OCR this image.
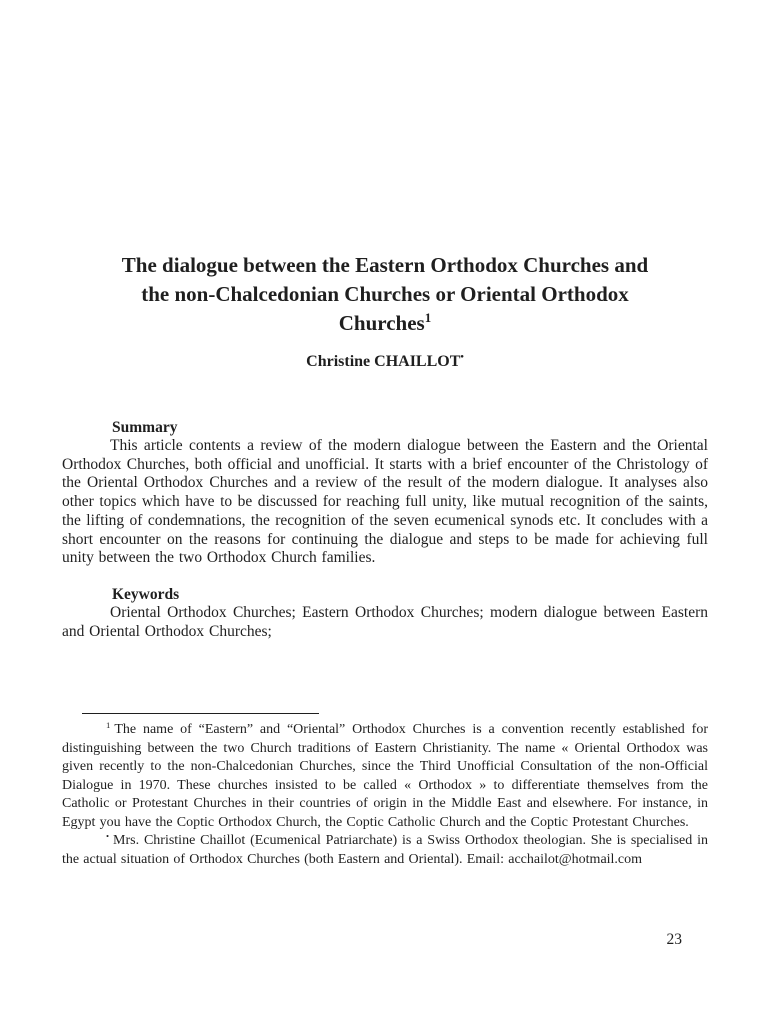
The dialogue between the Eastern Orthodox Churches and
the non-Chalcedonian Churches or Oriental Orthodox
Churches$^1$
Christine CHAILLOT•
Summary

This article contents a review of the modern dialogue between the Eastern and the Oriental Orthodox Churches, both official and unofficial. It starts with a brief encounter of the Christology of the Oriental Orthodox Churches and a review of the result of the modern dialogue. It analyses also other topics which have to be discussed for reaching full unity, like mutual recognition of the saints, the lifting of condemnations, the recognition of the seven ecumenical synods etc. It concludes with a short encounter on the reasons for continuing the dialogue and steps to be made for achieving full unity between the two Orthodox Church families.

Keywords

Oriental Orthodox Churches; Eastern Orthodox Churches; modern dialogue between Eastern and Oriental Orthodox Churches;

$^1$ The name of “Eastern” and “Oriental” Orthodox Churches is a convention recently established for distinguishing between the two Church traditions of Eastern Christianity. The name « Oriental Orthodox was given recently to the non-Chalcedonian Churches, since the Third Unofficial Consultation of the non-Official Dialogue in 1970. These churches insisted to be called « Orthodox » to differentiate themselves from the Catholic or Protestant Churches in their countries of origin in the Middle East and elsewhere. For instance, in Egypt you have the Coptic Orthodox Church, the Coptic Catholic Church and the Coptic Protestant Churches.

• Mrs. Christine Chaillot (Ecumenical Patriarchate) is a Swiss Orthodox theologian. She is specialised in the actual situation of Orthodox Churches (both Eastern and Oriental). Email: acchailot@hotmail.com

23
